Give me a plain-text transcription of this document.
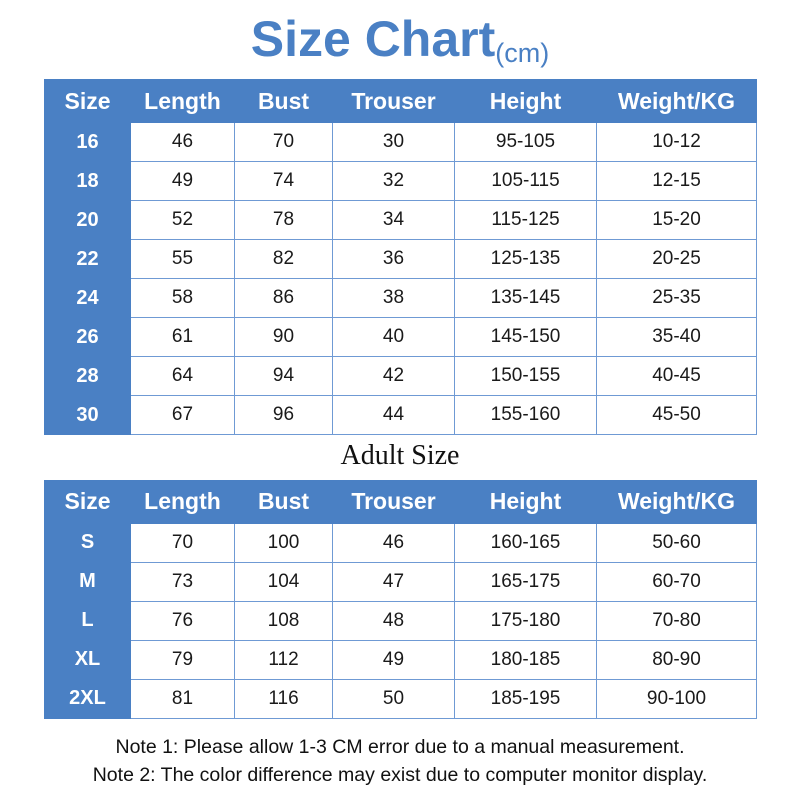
Size Chart(cm)
Size	Length	Bust	Trouser	Height	Weight/KG
16	46	70	30	95-105	10-12
18	49	74	32	105-115	12-15
20	52	78	34	115-125	15-20
22	55	82	36	125-135	20-25
24	58	86	38	135-145	25-35
26	61	90	40	145-150	35-40
28	64	94	42	150-155	40-45
30	67	96	44	155-160	45-50
Adult Size
Size	Length	Bust	Trouser	Height	Weight/KG
S	70	100	46	160-165	50-60
M	73	104	47	165-175	60-70
L	76	108	48	175-180	70-80
XL	79	112	49	180-185	80-90
2XL	81	116	50	185-195	90-100
Note 1: Please allow 1-3 CM error due to a manual measurement.
Note 2: The color difference may exist due to computer monitor display.
